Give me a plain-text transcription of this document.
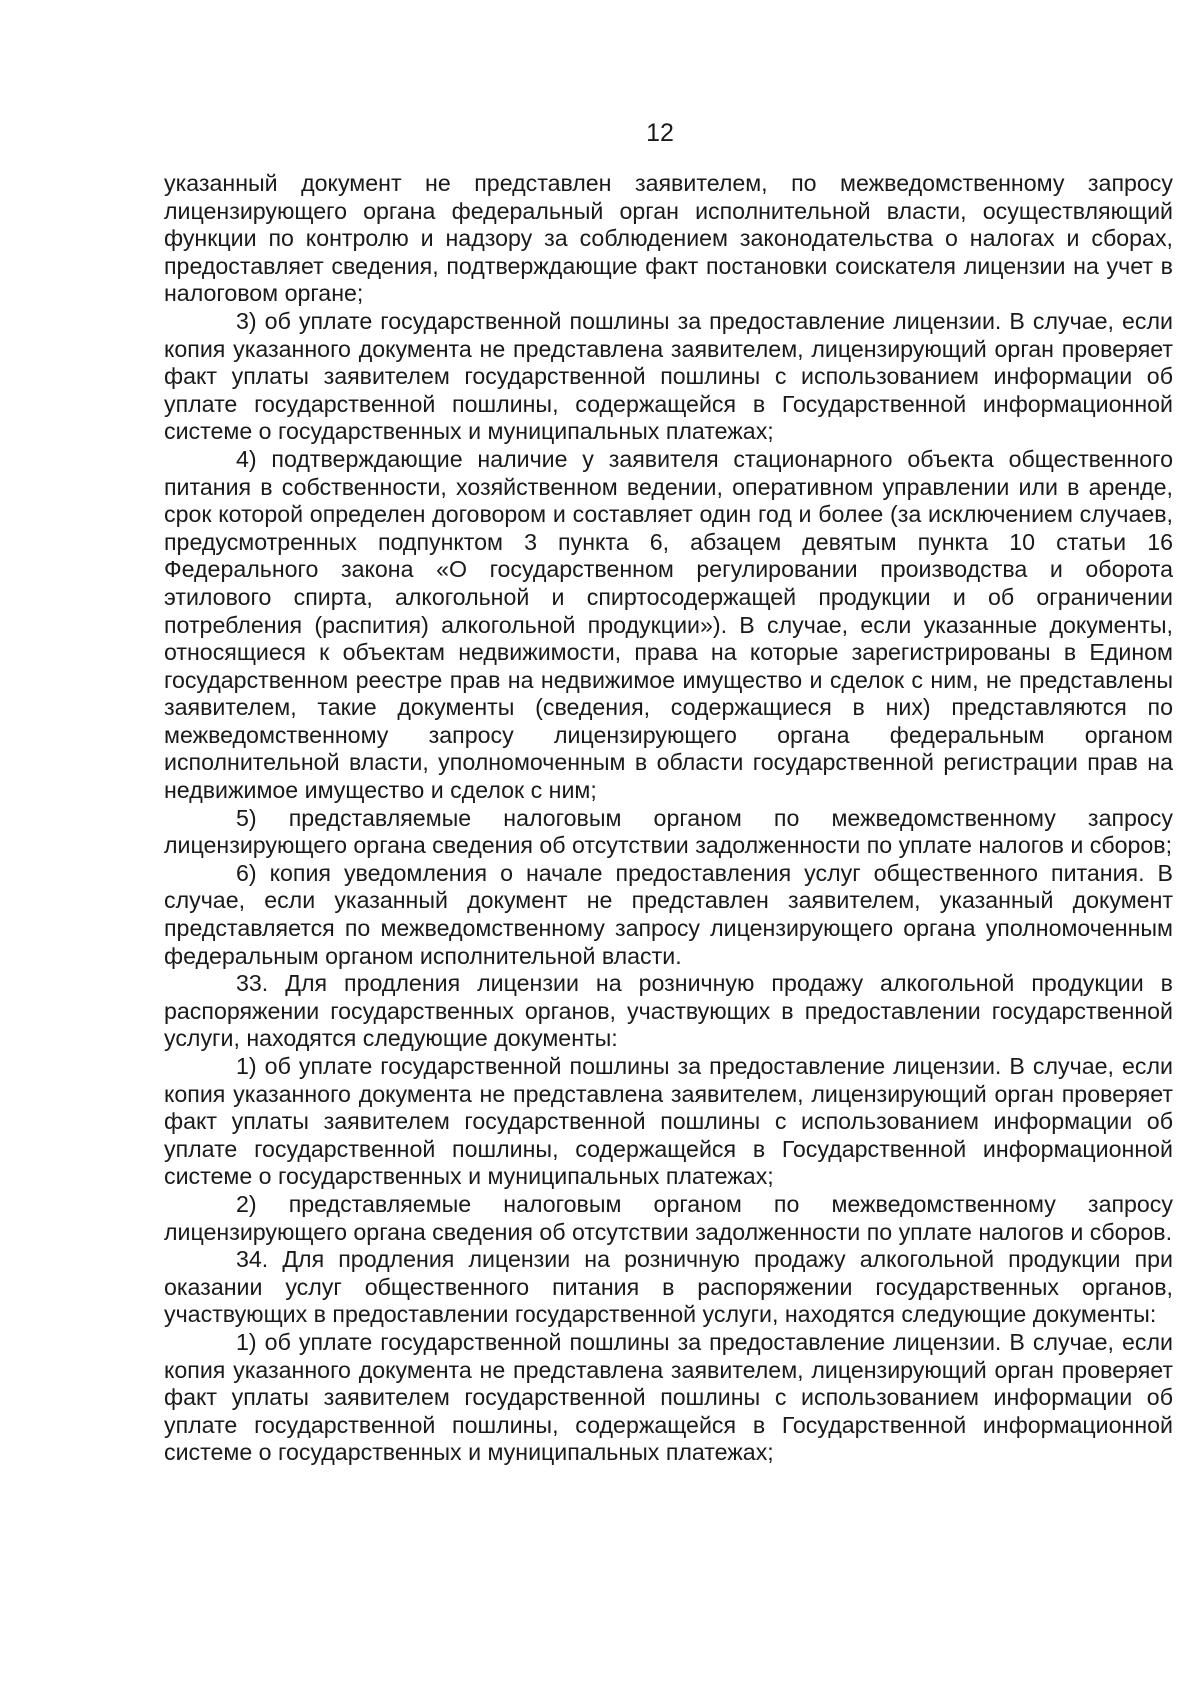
12

указанный документ не представлен заявителем, по межведомственному запросу лицензирующего органа федеральный орган исполнительной власти, осуществляющий функции по контролю и надзору за соблюдением законодательства о налогах и сборах, предоставляет сведения, подтверждающие факт постановки соискателя лицензии на учет в налоговом органе;

3) об уплате государственной пошлины за предоставление лицензии. В случае, если копия указанного документа не представлена заявителем, лицензирующий орган проверяет факт уплаты заявителем государственной пошлины с использованием информации об уплате государственной пошлины, содержащейся в Государственной информационной системе о государственных и муниципальных платежах;

4) подтверждающие наличие у заявителя стационарного объекта общественного питания в собственности, хозяйственном ведении, оперативном управлении или в аренде, срок которой определен договором и составляет один год и более (за исключением случаев, предусмотренных подпунктом 3 пункта 6, абзацем девятым пункта 10 статьи 16 Федерального закона «О государственном регулировании производства и оборота этилового спирта, алкогольной и спиртосодержащей продукции и об ограничении потребления (распития) алкогольной продукции»). В случае, если указанные документы, относящиеся к объектам недвижимости, права на которые зарегистрированы в Едином государственном реестре прав на недвижимое имущество и сделок с ним, не представлены заявителем, такие документы (сведения, содержащиеся в них) представляются по межведомственному запросу лицензирующего органа федеральным органом исполнительной власти, уполномоченным в области государственной регистрации прав на недвижимое имущество и сделок с ним;

5) представляемые налоговым органом по межведомственному запросу лицензирующего органа сведения об отсутствии задолженности по уплате налогов и сборов;

6) копия уведомления о начале предоставления услуг общественного питания. В случае, если указанный документ не представлен заявителем, указанный документ представляется по межведомственному запросу лицензирующего органа уполномоченным федеральным органом исполнительной власти.

33. Для продления лицензии на розничную продажу алкогольной продукции в распоряжении государственных органов, участвующих в предоставлении государственной услуги, находятся следующие документы:

1) об уплате государственной пошлины за предоставление лицензии. В случае, если копия указанного документа не представлена заявителем, лицензирующий орган проверяет факт уплаты заявителем государственной пошлины с использованием информации об уплате государственной пошлины, содержащейся в Государственной информационной системе о государственных и муниципальных платежах;

2) представляемые налоговым органом по межведомственному запросу лицензирующего органа сведения об отсутствии задолженности по уплате налогов и сборов.

34. Для продления лицензии на розничную продажу алкогольной продукции при оказании услуг общественного питания в распоряжении государственных органов, участвующих в предоставлении государственной услуги, находятся следующие документы:

1) об уплате государственной пошлины за предоставление лицензии. В случае, если копия указанного документа не представлена заявителем, лицензирующий орган проверяет факт уплаты заявителем государственной пошлины с использованием информации об уплате государственной пошлины, содержащейся в Государственной информационной системе о государственных и муниципальных платежах;
